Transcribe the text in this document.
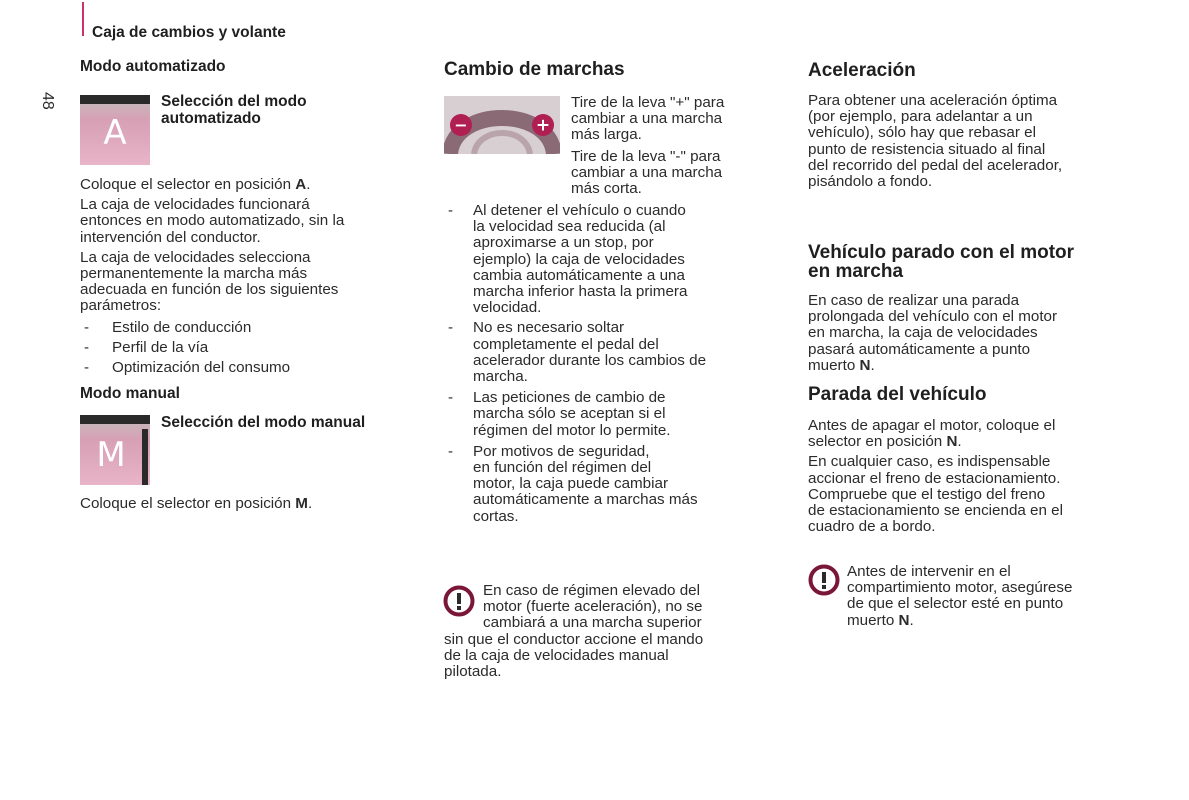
Caja de cambios y volante
48
Modo automatizado
A
Selección del modo
automatizado

Coloque el selector en posición A.

La caja de velocidades funcionará
entonces en modo automatizado, sin la
intervención del conductor.

La caja de velocidades selecciona
permanentemente la marcha más
adecuada en función de los siguientes
parámetros:

- Estilo de conducción
- Perfil de la vía
- Optimización del consumo
Modo manual
M
Selección del modo manual
Coloque el selector en posición M.
Cambio de marchas
−	+
Tire de la leva "+" para
cambiar a una marcha
más larga.
Tire de la leva "-" para
cambiar a una marcha
más corta.
- Al detener el vehículo o cuando
la velocidad sea reducida (al
aproximarse a un stop, por
ejemplo) la caja de velocidades
cambia automáticamente a una
marcha inferior hasta la primera
velocidad.
- No es necesario soltar
completamente el pedal del
acelerador durante los cambios de
marcha.
- Las peticiones de cambio de
marcha sólo se aceptan si el
régimen del motor lo permite.
- Por motivos de seguridad,
en función del régimen del
motor, la caja puede cambiar
automáticamente a marchas más
cortas.
En caso de régimen elevado del
motor (fuerte aceleración), no se
cambiará a una marcha superior
sin que el conductor accione el mando
de la caja de velocidades manual
pilotada.
Aceleración
Para obtener una aceleración óptima
(por ejemplo, para adelantar a un
vehículo), sólo hay que rebasar el
punto de resistencia situado al final
del recorrido del pedal del acelerador,
pisándolo a fondo.
Vehículo parado con el motor
en marcha
En caso de realizar una parada
prolongada del vehículo con el motor
en marcha, la caja de velocidades
pasará automáticamente a punto
muerto N.
Parada del vehículo
Antes de apagar el motor, coloque el
selector en posición N.
En cualquier caso, es indispensable
accionar el freno de estacionamiento.
Compruebe que el testigo del freno
de estacionamiento se encienda en el
cuadro de a bordo.
Antes de intervenir en el
compartimiento motor, asegúrese
de que el selector esté en punto
muerto N.
